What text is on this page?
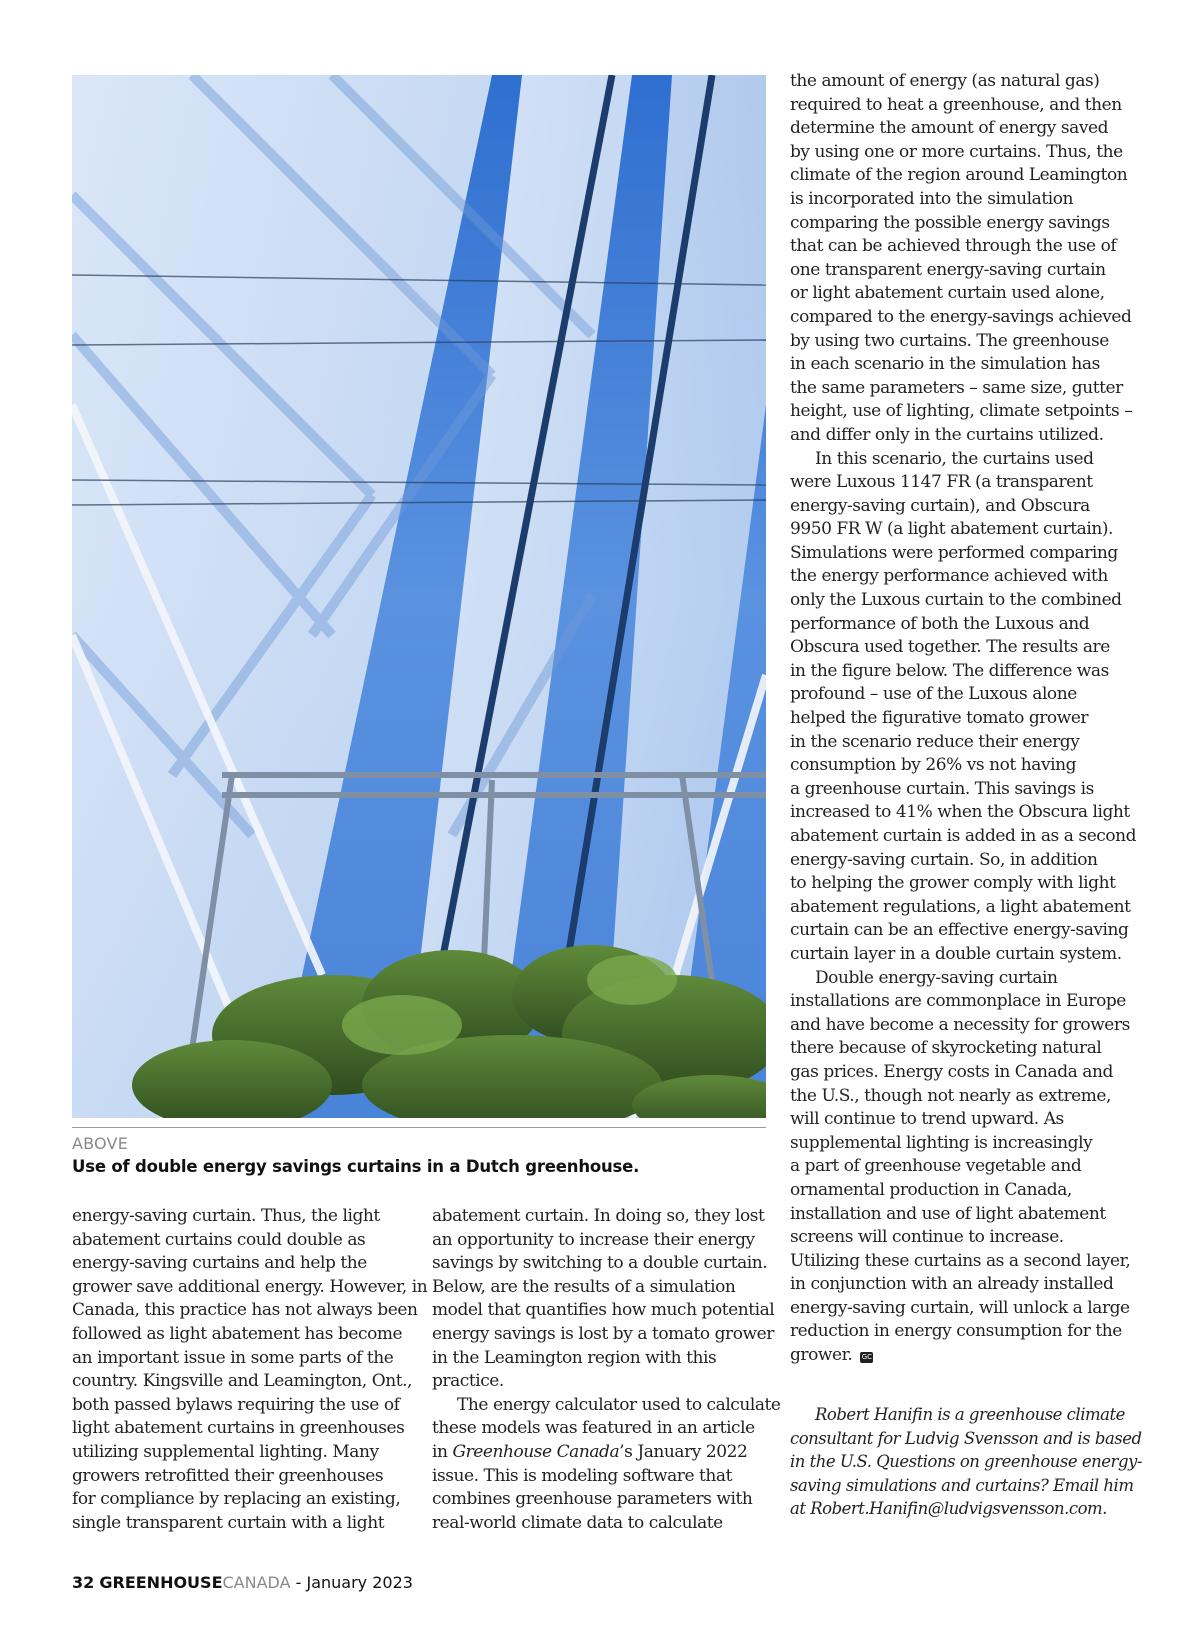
ABOVE
Use of double energy savings curtains in a Dutch greenhouse.

energy-saving curtain. Thus, the light
abatement curtains could double as
energy-saving curtains and help the
grower save additional energy. However, in
Canada, this practice has not always been
followed as light abatement has become
an important issue in some parts of the
country. Kingsville and Leamington, Ont.,
both passed bylaws requiring the use of
light abatement curtains in greenhouses
utilizing supplemental lighting. Many
growers retrofitted their greenhouses
for compliance by replacing an existing,
single transparent curtain with a light

abatement curtain. In doing so, they lost
an opportunity to increase their energy
savings by switching to a double curtain.
Below, are the results of a simulation
model that quantifies how much potential
energy savings is lost by a tomato grower
in the Leamington region with this
practice.

The energy calculator used to calculate
these models was featured in an article
in Greenhouse Canada’s January 2022
issue. This is modeling software that
combines greenhouse parameters with
real-world climate data to calculate

the amount of energy (as natural gas)
required to heat a greenhouse, and then
determine the amount of energy saved
by using one or more curtains. Thus, the
climate of the region around Leamington
is incorporated into the simulation
comparing the possible energy savings
that can be achieved through the use of
one transparent energy-saving curtain
or light abatement curtain used alone,
compared to the energy-savings achieved
by using two curtains. The greenhouse
in each scenario in the simulation has
the same parameters – same size, gutter
height, use of lighting, climate setpoints –
and differ only in the curtains utilized.

In this scenario, the curtains used
were Luxous 1147 FR (a transparent
energy-saving curtain), and Obscura
9950 FR W (a light abatement curtain).
Simulations were performed comparing
the energy performance achieved with
only the Luxous curtain to the combined
performance of both the Luxous and
Obscura used together. The results are
in the figure below. The difference was
profound – use of the Luxous alone
helped the figurative tomato grower
in the scenario reduce their energy
consumption by 26% vs not having
a greenhouse curtain. This savings is
increased to 41% when the Obscura light
abatement curtain is added in as a second
energy-saving curtain. So, in addition
to helping the grower comply with light
abatement regulations, a light abatement
curtain can be an effective energy-saving
curtain layer in a double curtain system.

Double energy-saving curtain
installations are commonplace in Europe
and have become a necessity for growers
there because of skyrocketing natural
gas prices. Energy costs in Canada and
the U.S., though not nearly as extreme,
will continue to trend upward. As
supplemental lighting is increasingly
a part of greenhouse vegetable and
ornamental production in Canada,
installation and use of light abatement
screens will continue to increase.
Utilizing these curtains as a second layer,
in conjunction with an already installed
energy-saving curtain, will unlock a large
reduction in energy consumption for the
grower. GC

Robert Hanifin is a greenhouse climate
consultant for Ludvig Svensson and is based
in the U.S. Questions on greenhouse energy-
saving simulations and curtains? Email him
at Robert.Hanifin@ludvigsvensson.com.
32 GREENHOUSECANADA - January 2023
